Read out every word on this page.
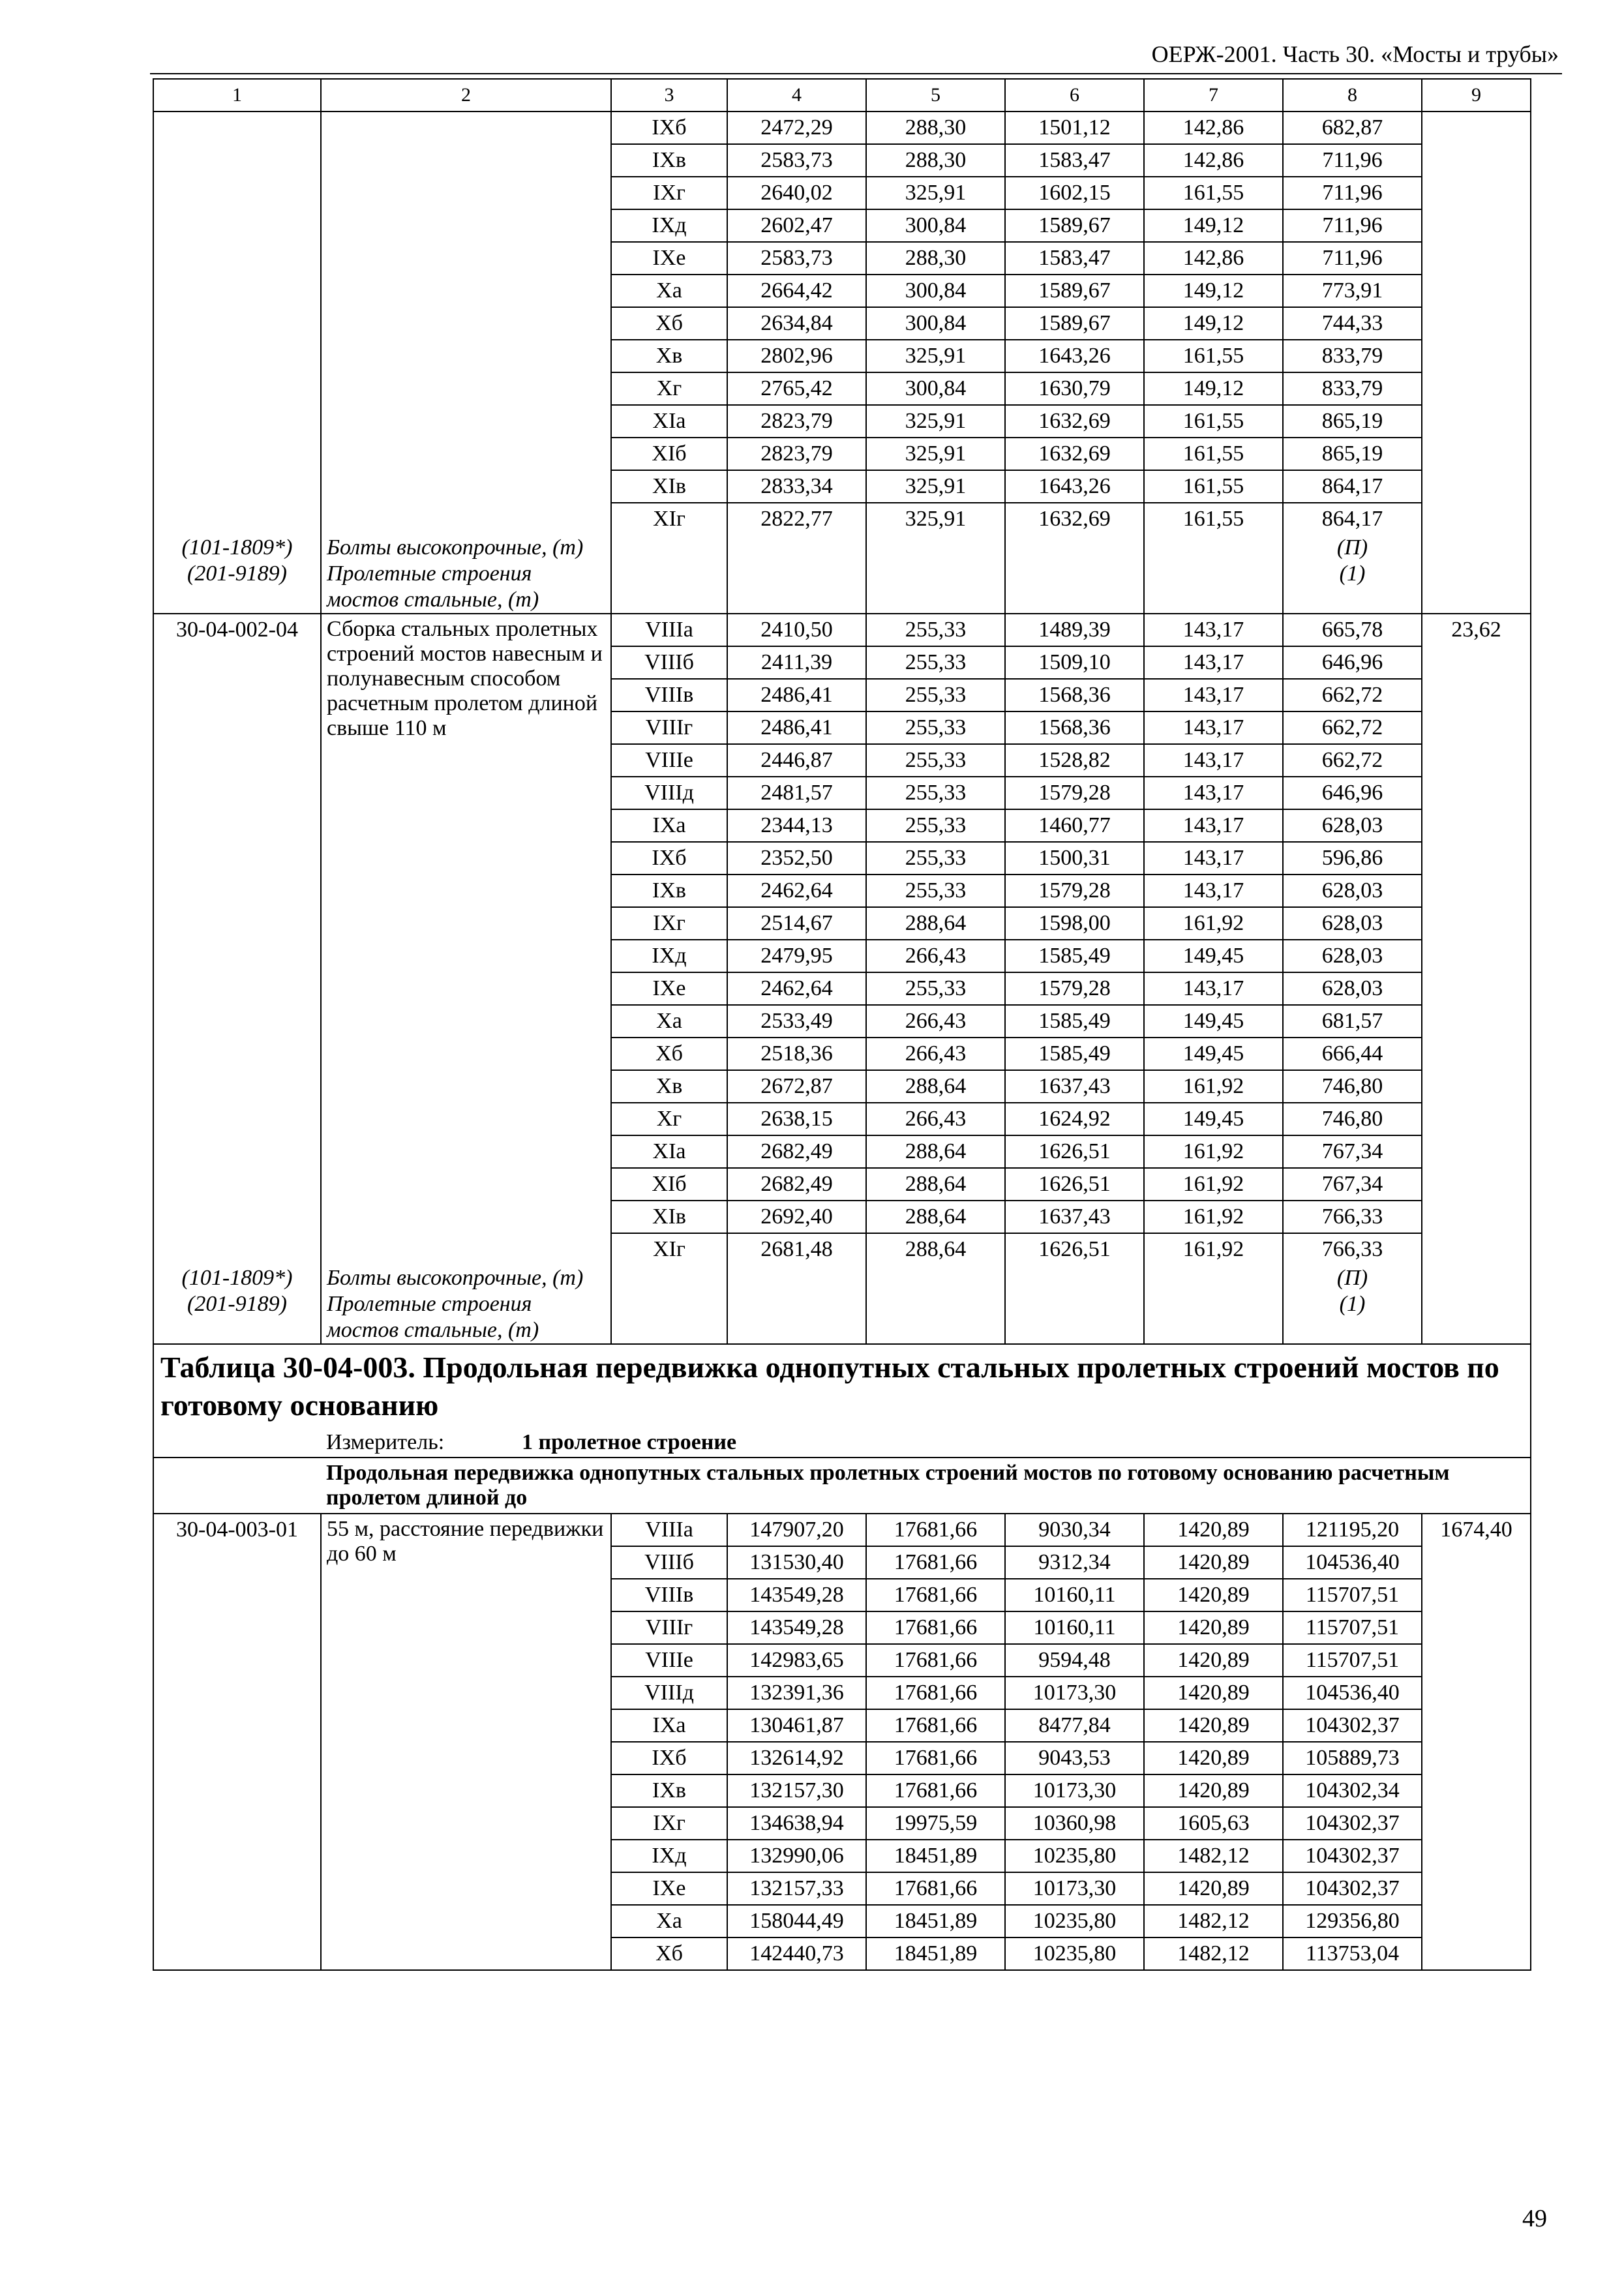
ОЕРЖ-2001. Часть 30. «Мосты и трубы»
1	2	3	4	5	6	7	8	9
		IXб	2472,29	288,30	1501,12	142,86	682,87	
		IXв	2583,73	288,30	1583,47	142,86	711,96	
		IXг	2640,02	325,91	1602,15	161,55	711,96	
		IXд	2602,47	300,84	1589,67	149,12	711,96	
		IXе	2583,73	288,30	1583,47	142,86	711,96	
		Xа	2664,42	300,84	1589,67	149,12	773,91	
		Xб	2634,84	300,84	1589,67	149,12	744,33	
		Xв	2802,96	325,91	1643,26	161,55	833,79	
		Xг	2765,42	300,84	1630,79	149,12	833,79	
		XIа	2823,79	325,91	1632,69	161,55	865,19	
		XIб	2823,79	325,91	1632,69	161,55	865,19	
		XIв	2833,34	325,91	1643,26	161,55	864,17	
		XIг	2822,77	325,91	1632,69	161,55	864,17	
(101-1809*)	Болты высокопрочные, (т)						(П)	
(201-9189)	Пролетные строения мостов стальные, (т)						(1)	
30-04-002-04	Сборка стальных пролетных строений мостов навесным и полунавесным способом расчетным пролетом длиной свыше 110 м	VIIIа	2410,50	255,33	1489,39	143,17	665,78	23,62
		VIIIб	2411,39	255,33	1509,10	143,17	646,96	
		VIIIв	2486,41	255,33	1568,36	143,17	662,72	
		VIIIг	2486,41	255,33	1568,36	143,17	662,72	
		VIIIе	2446,87	255,33	1528,82	143,17	662,72	
		VIIIд	2481,57	255,33	1579,28	143,17	646,96	
		IXа	2344,13	255,33	1460,77	143,17	628,03	
		IXб	2352,50	255,33	1500,31	143,17	596,86	
		IXв	2462,64	255,33	1579,28	143,17	628,03	
		IXг	2514,67	288,64	1598,00	161,92	628,03	
		IXд	2479,95	266,43	1585,49	149,45	628,03	
		IXе	2462,64	255,33	1579,28	143,17	628,03	
		Xа	2533,49	266,43	1585,49	149,45	681,57	
		Xб	2518,36	266,43	1585,49	149,45	666,44	
		Xв	2672,87	288,64	1637,43	161,92	746,80	
		Xг	2638,15	266,43	1624,92	149,45	746,80	
		XIа	2682,49	288,64	1626,51	161,92	767,34	
		XIб	2682,49	288,64	1626,51	161,92	767,34	
		XIв	2692,40	288,64	1637,43	161,92	766,33	
		XIг	2681,48	288,64	1626,51	161,92	766,33	
(101-1809*)	Болты высокопрочные, (т)						(П)	
(201-9189)	Пролетные строения мостов стальные, (т)						(1)	
Таблица 30-04-003. Продольная передвижка однопутных стальных пролетных строений мостов по готовому основанию								
	Измеритель: 1 пролетное строение							
	Продольная передвижка однопутных стальных пролетных строений мостов по готовому основанию расчетным пролетом длиной до							
30-04-003-01	55 м, расстояние передвижки до 60 м	VIIIа	147907,20	17681,66	9030,34	1420,89	121195,20	1674,40
		VIIIб	131530,40	17681,66	9312,34	1420,89	104536,40	
		VIIIв	143549,28	17681,66	10160,11	1420,89	115707,51	
		VIIIг	143549,28	17681,66	10160,11	1420,89	115707,51	
		VIIIе	142983,65	17681,66	9594,48	1420,89	115707,51	
		VIIIд	132391,36	17681,66	10173,30	1420,89	104536,40	
		IXа	130461,87	17681,66	8477,84	1420,89	104302,37	
		IXб	132614,92	17681,66	9043,53	1420,89	105889,73	
		IXв	132157,30	17681,66	10173,30	1420,89	104302,34	
		IXг	134638,94	19975,59	10360,98	1605,63	104302,37	
		IXд	132990,06	18451,89	10235,80	1482,12	104302,37	
		IXе	132157,33	17681,66	10173,30	1420,89	104302,37	
		Xа	158044,49	18451,89	10235,80	1482,12	129356,80	
		Xб	142440,73	18451,89	10235,80	1482,12	113753,04	
49
